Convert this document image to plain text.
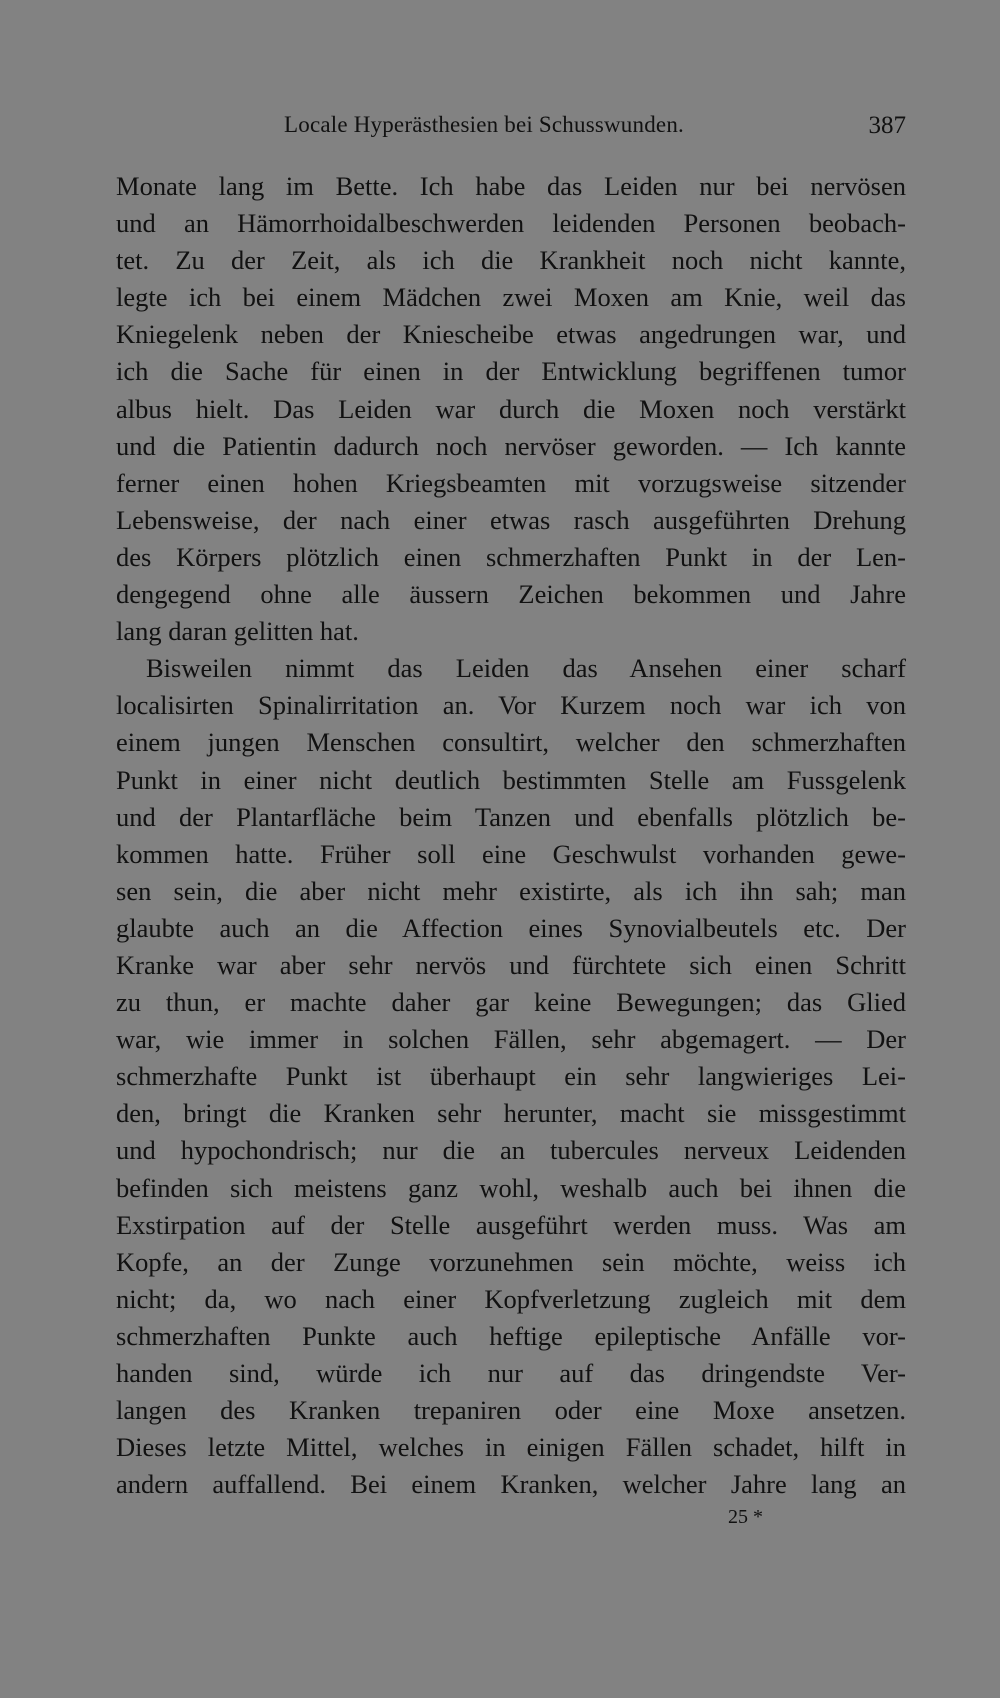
Locale Hyperästhesien bei Schusswunden.	387
Monate lang im Bette. Ich habe das Leiden nur bei nervösen
und an Hämorrhoidalbeschwerden leidenden Personen beobach-
tet. Zu der Zeit, als ich die Krankheit noch nicht kannte,
legte ich bei einem Mädchen zwei Moxen am Knie, weil das
Kniegelenk neben der Kniescheibe etwas angedrungen war, und
ich die Sache für einen in der Entwicklung begriffenen tumor
albus hielt. Das Leiden war durch die Moxen noch verstärkt
und die Patientin dadurch noch nervöser geworden. — Ich kannte
ferner einen hohen Kriegsbeamten mit vorzugsweise sitzender
Lebensweise, der nach einer etwas rasch ausgeführten Drehung
des Körpers plötzlich einen schmerzhaften Punkt in der Len-
dengegend ohne alle äussern Zeichen bekommen und Jahre
lang daran gelitten hat.
Bisweilen nimmt das Leiden das Ansehen einer scharf
localisirten Spinalirritation an. Vor Kurzem noch war ich von
einem jungen Menschen consultirt, welcher den schmerzhaften
Punkt in einer nicht deutlich bestimmten Stelle am Fussgelenk
und der Plantarfläche beim Tanzen und ebenfalls plötzlich be-
kommen hatte. Früher soll eine Geschwulst vorhanden gewe-
sen sein, die aber nicht mehr existirte, als ich ihn sah; man
glaubte auch an die Affection eines Synovialbeutels etc. Der
Kranke war aber sehr nervös und fürchtete sich einen Schritt
zu thun, er machte daher gar keine Bewegungen; das Glied
war, wie immer in solchen Fällen, sehr abgemagert. — Der
schmerzhafte Punkt ist überhaupt ein sehr langwieriges Lei-
den, bringt die Kranken sehr herunter, macht sie missgestimmt
und hypochondrisch; nur die an tubercules nerveux Leidenden
befinden sich meistens ganz wohl, weshalb auch bei ihnen die
Exstirpation auf der Stelle ausgeführt werden muss. Was am
Kopfe, an der Zunge vorzunehmen sein möchte, weiss ich
nicht; da, wo nach einer Kopfverletzung zugleich mit dem
schmerzhaften Punkte auch heftige epileptische Anfälle vor-
handen sind, würde ich nur auf das dringendste Ver-
langen des Kranken trepaniren oder eine Moxe ansetzen.
Dieses letzte Mittel, welches in einigen Fällen schadet, hilft in
andern auffallend. Bei einem Kranken, welcher Jahre lang an
25 *
